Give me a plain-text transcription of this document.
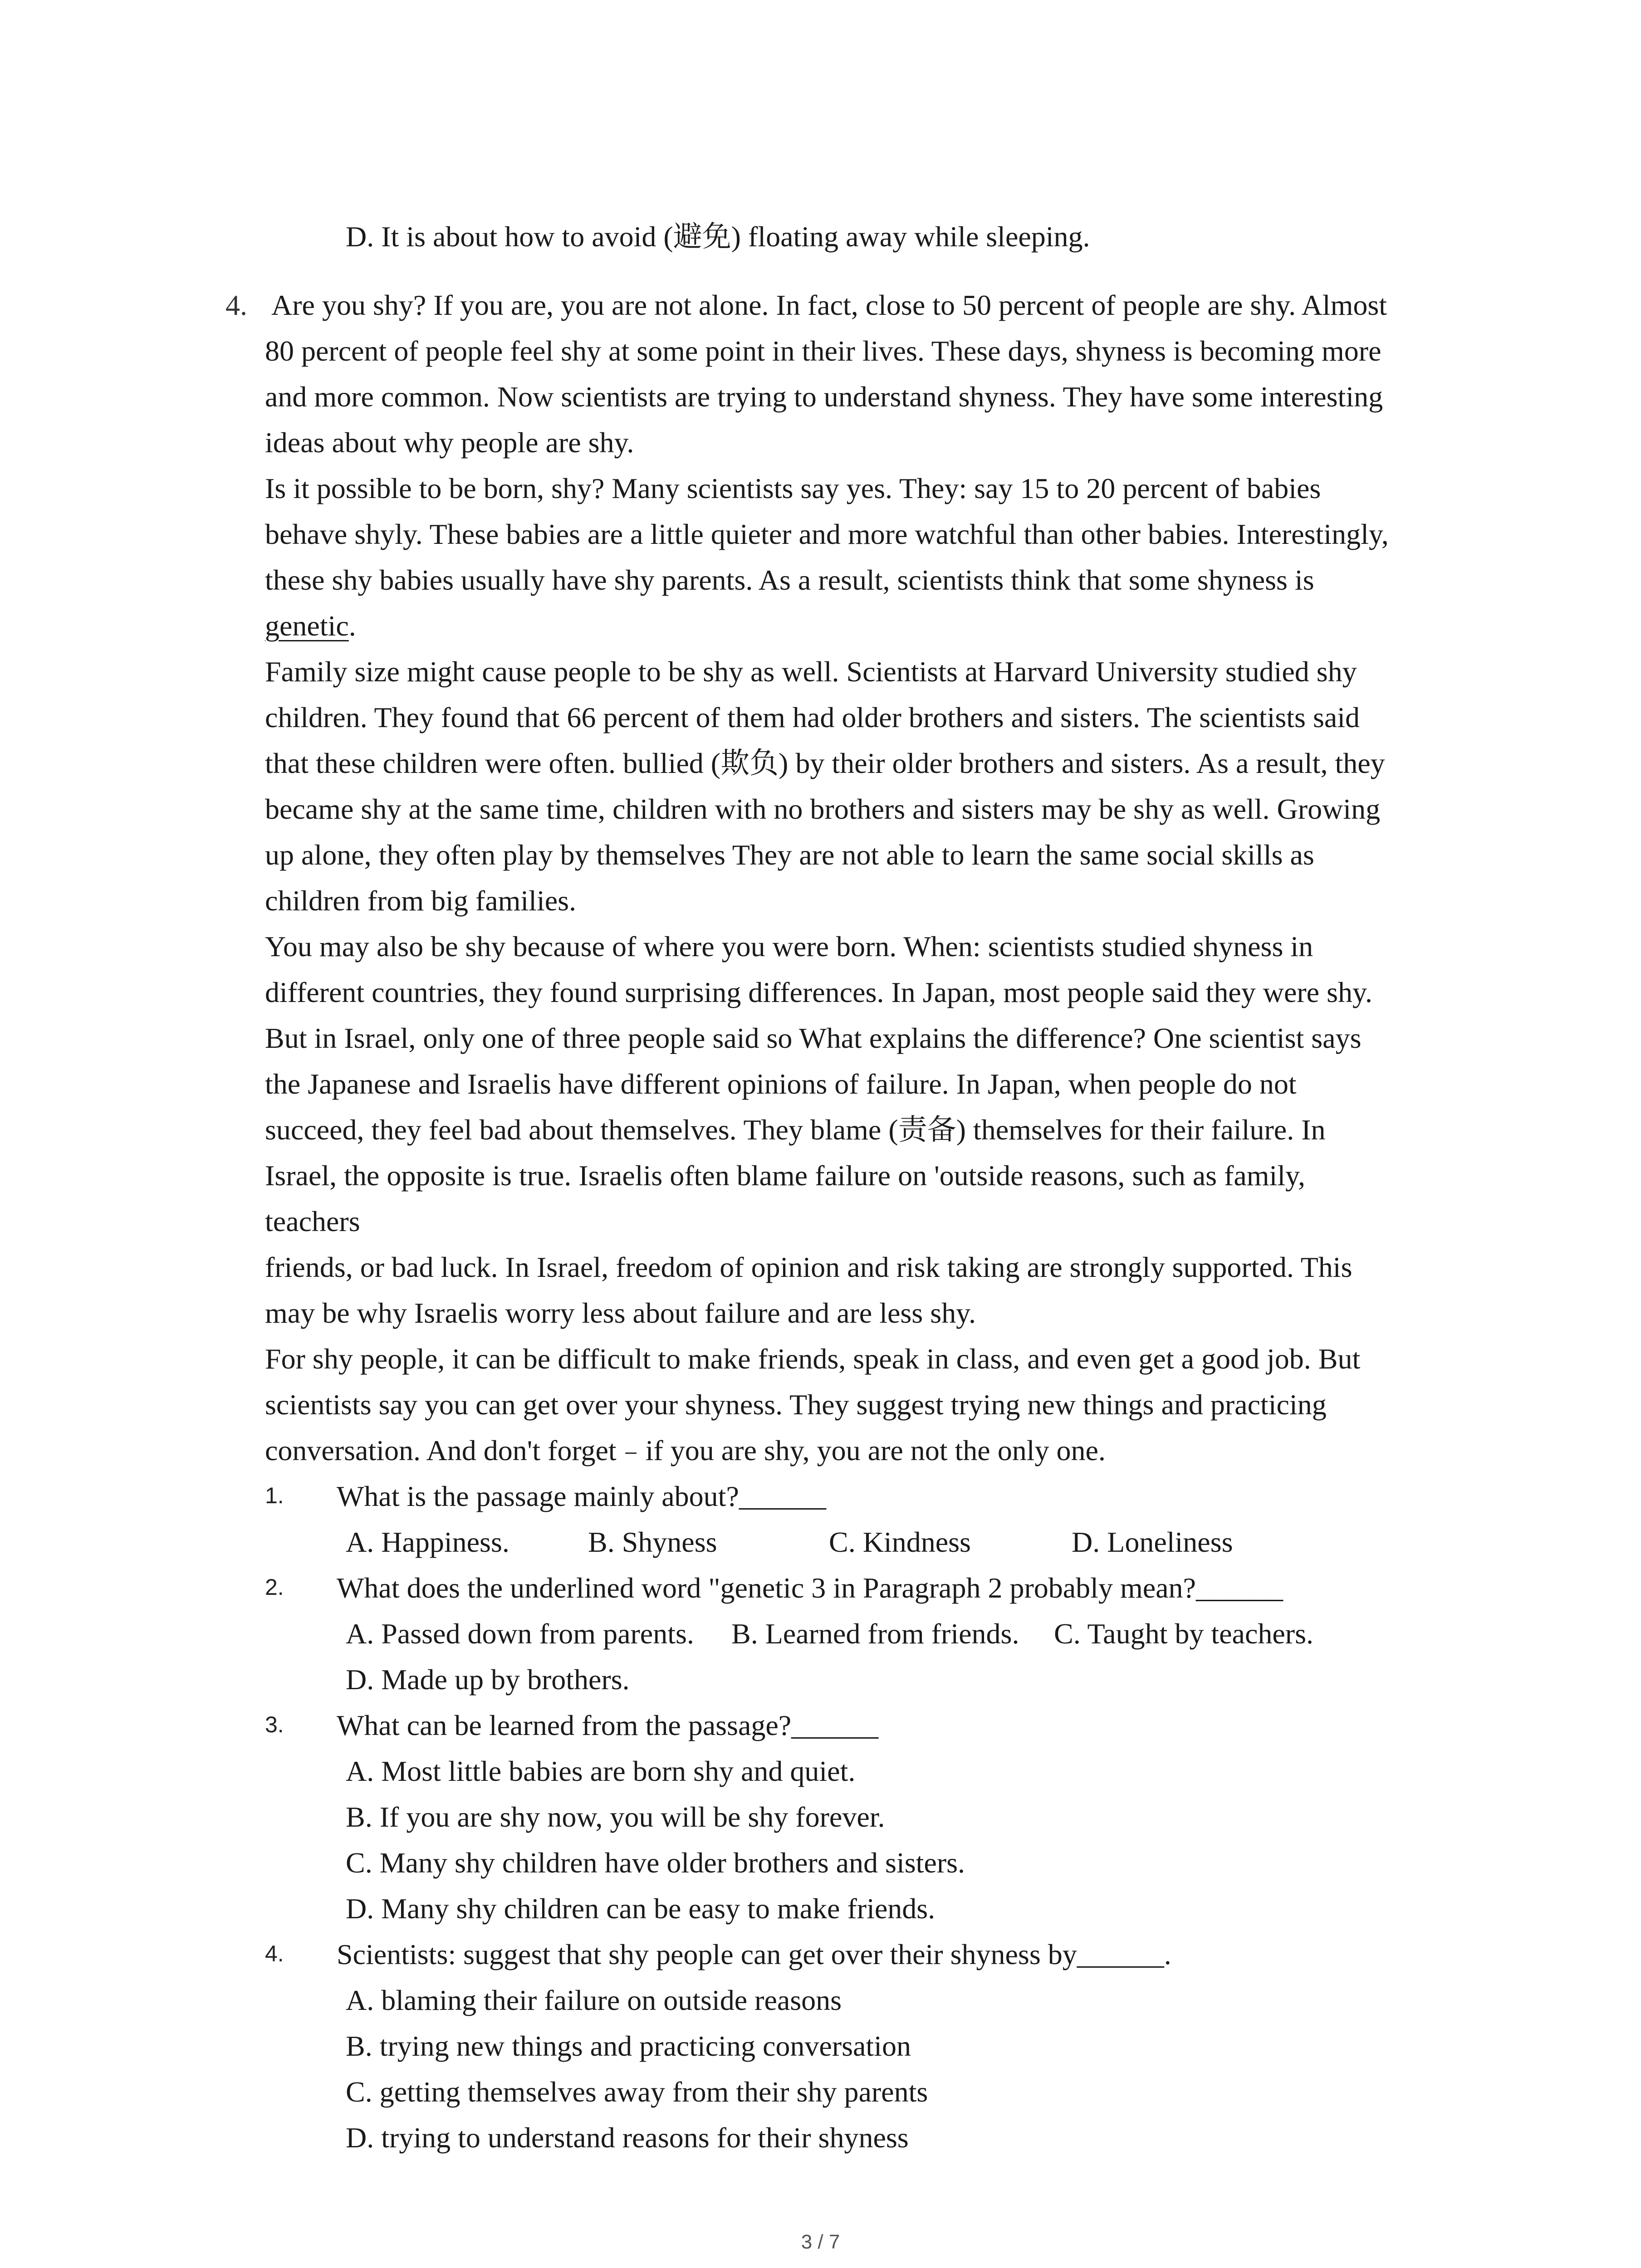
D. It is about how to avoid (避免) floating away while sleeping.
4. Are you shy? If you are, you are not alone. In fact, close to 50 percent of people are shy. Almost
80 percent of people feel shy at some point in their lives. These days, shyness is becoming more
and more common. Now scientists are trying to understand shyness. They have some interesting
ideas about why people are shy.
Is it possible to be born, shy? Many scientists say yes. They: say 15 to 20 percent of babies
behave shyly. These babies are a little quieter and more watchful than other babies. Interestingly,
these shy babies usually have shy parents. As a result, scientists think that some shyness is
genetic.
Family size might cause people to be shy as well. Scientists at Harvard University studied shy
children. They found that 66 percent of them had older brothers and sisters. The scientists said
that these children were often. bullied (欺负) by their older brothers and sisters. As a result, they
became shy at the same time, children with no brothers and sisters may be shy as well. Growing
up alone, they often play by themselves They are not able to learn the same social skills as
children from big families.
You may also be shy because of where you were born. When: scientists studied shyness in
different countries, they found surprising differences. In Japan, most people said they were shy.
But in Israel, only one of three people said so What explains the difference? One scientist says
the Japanese and Israelis have different opinions of failure. In Japan, when people do not
succeed, they feel bad about themselves. They blame (责备) themselves for their failure. In
Israel, the opposite is true. Israelis often blame failure on 'outside reasons, such as family,
teachers
friends, or bad luck. In Israel, freedom of opinion and risk taking are strongly supported. This
may be why Israelis worry less about failure and are less shy.
For shy people, it can be difficult to make friends, speak in class, and even get a good job. But
scientists say you can get over your shyness. They suggest trying new things and practicing
conversation. And don't forget﹣if you are shy, you are not the only one.
1. What is the passage mainly about?______
A. Happiness.	B. Shyness	C. Kindness	D. Loneliness
2. What does the underlined word "genetic 3 in Paragraph 2 probably mean?______
A. Passed down from parents. B. Learned from friends. C. Taught by teachers.
D. Made up by brothers.
3. What can be learned from the passage?______
A. Most little babies are born shy and quiet.
B. If you are shy now, you will be shy forever.
C. Many shy children have older brothers and sisters.
D. Many shy children can be easy to make friends.
4. Scientists: suggest that shy people can get over their shyness by______.
A. blaming their failure on outside reasons
B. trying new things and practicing conversation
C. getting themselves away from their shy parents
D. trying to understand reasons for their shyness
3 / 7
